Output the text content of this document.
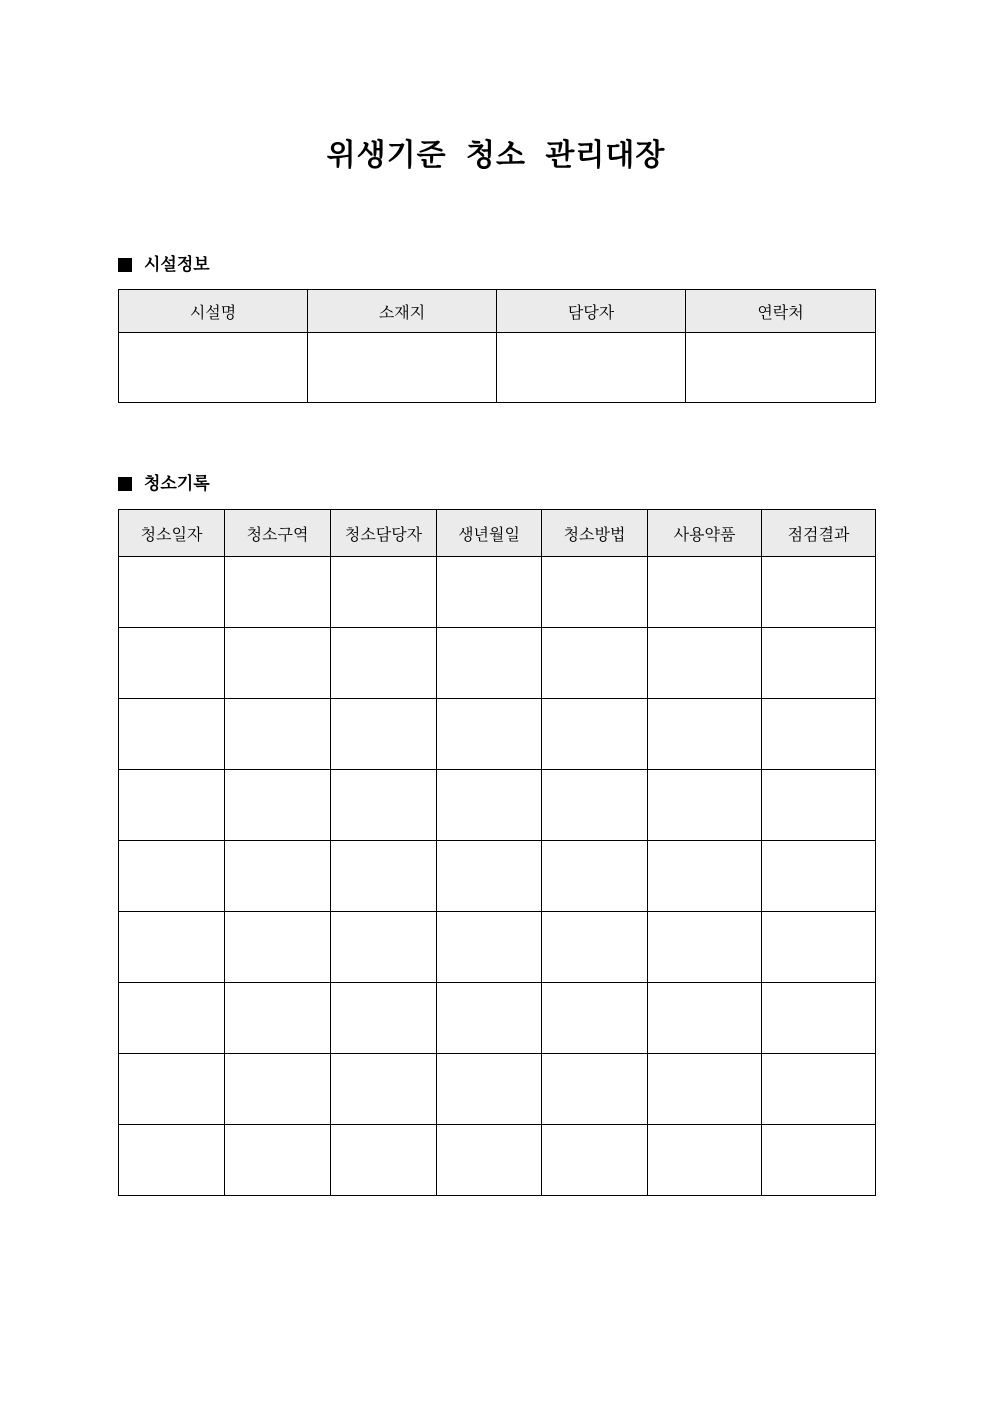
위생기준 청소 관리대장
시설정보
시설명	소재지	담당자	연락처

청소기록
청소일자	청소구역	청소담당자	생년월일	청소방법	사용약품	점검결과
